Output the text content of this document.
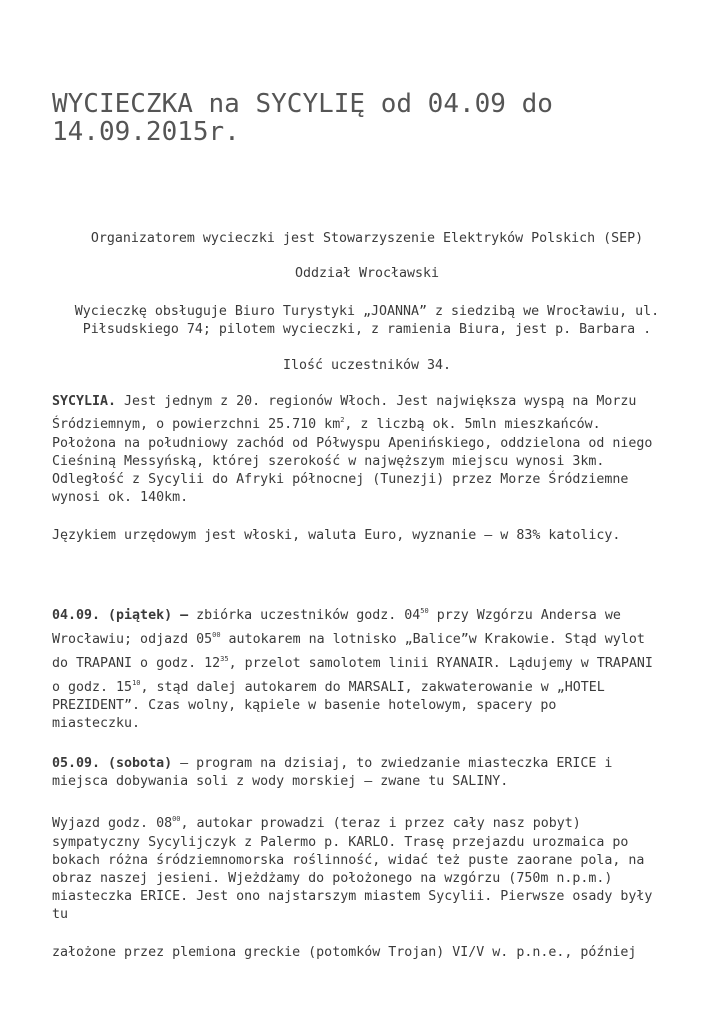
WYCIECZKA na SYCYLIĘ od 04.09 do 14.09.2015r.

Organizatorem wycieczki jest Stowarzyszenie Elektryków Polskich (SEP)

Oddział Wrocławski

Wycieczkę obsługuje Biuro Turystyki „JOANNA” z siedzibą we Wrocławiu, ul.

Piłsudskiego 74; pilotem wycieczki, z ramienia Biura, jest p. Barbara .

Ilość uczestników 34.

SYCYLIA. Jest jednym z 20. regionów Włoch. Jest największa wyspą na Morzu
Śródziemnym, o powierzchni 25.710 $km^2$, z liczbą ok. 5mln mieszkańców.
Położona na południowy zachód od Półwyspu Apenińskiego, oddzielona od niego
Cieśniną Messyńską, której szerokość w najwęższym miejscu wynosi 3km.
Odległość z Sycylii do Afryki północnej (Tunezji) przez Morze Śródziemne
wynosi ok. 140km.

Językiem urzędowym jest włoski, waluta Euro, wyznanie – w 83% katolicy.

04.09. (piątek) – zbiórka uczestników godz. $04^{50}$ przy Wzgórzu Andersa we
Wrocławiu; odjazd $05^{00}$ autokarem na lotnisko „Balice”w Krakowie. Stąd wylot
do TRAPANI o godz. $12^{35}$, przelot samolotem linii RYANAIR. Lądujemy w TRAPANI
o godz. $15^{10}$, stąd dalej autokarem do MARSALI, zakwaterowanie w „HOTEL
PREZIDENT”. Czas wolny, kąpiele w basenie hotelowym, spacery po
miasteczku.
05.09. (sobota) – program na dzisiaj, to zwiedzanie miasteczka ERICE i
miejsca dobywania soli z wody morskiej – zwane tu SALINY.
Wyjazd godz. $08^{00}$, autokar prowadzi (teraz i przez cały nasz pobyt)
sympatyczny Sycylijczyk z Palermo p. KARLO. Trasę przejazdu urozmaica po
bokach różna śródziemnomorska roślinność, widać też puste zaorane pola, na
obraz naszej jesieni. Wjeżdżamy do położonego na wzgórzu (750m n.p.m.)
miasteczka ERICE. Jest ono najstarszym miastem Sycylii. Pierwsze osady były
tu

założone przez plemiona greckie (potomków Trojan) VI/V w. p.n.e., później
